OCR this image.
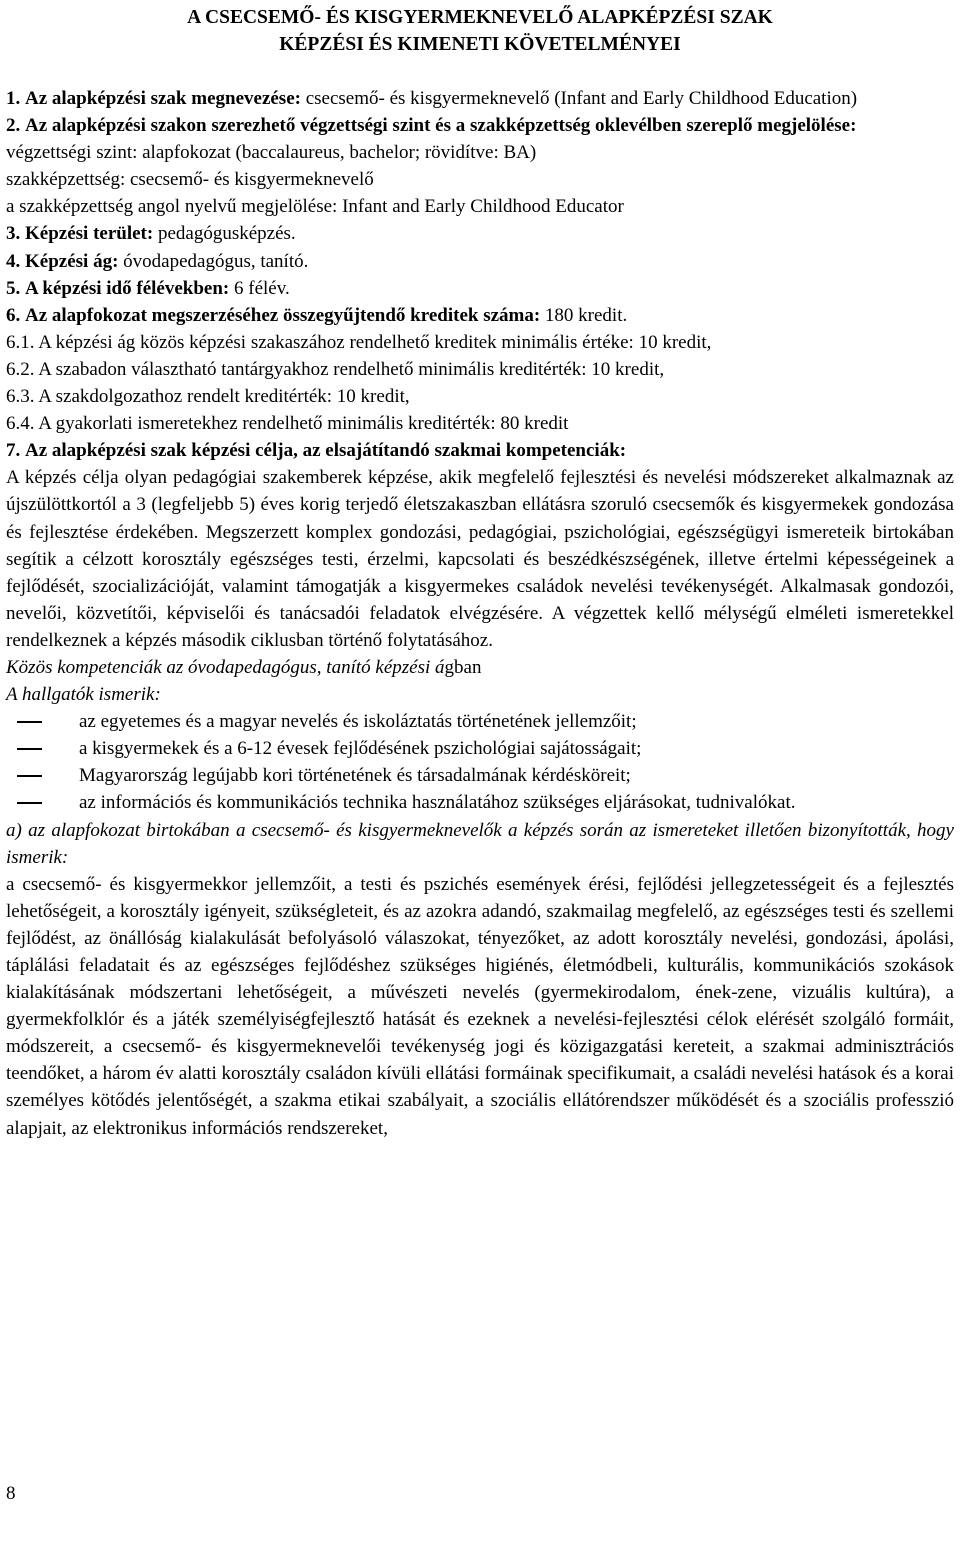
A CSECSEMŐ- ÉS KISGYERMEKNEVELŐ ALAPKÉPZÉSI SZAK
KÉPZÉSI ÉS KIMENETI KÖVETELMÉNYEI

1. Az alapképzési szak megnevezése: csecsemő- és kisgyermeknevelő (Infant and Early Childhood Education)

2. Az alapképzési szakon szerezhető végzettségi szint és a szakképzettség oklevélben szereplő megjelölése:

végzettségi szint: alapfokozat (baccalaureus, bachelor; rövidítve: BA)

szakképzettség: csecsemő- és kisgyermeknevelő

a szakképzettség angol nyelvű megjelölése: Infant and Early Childhood Educator

3. Képzési terület: pedagógusképzés.

4. Képzési ág: óvodapedagógus, tanító.

5. A képzési idő félévekben: 6 félév.

6. Az alapfokozat megszerzéséhez összegyűjtendő kreditek száma: 180 kredit.

6.1. A képzési ág közös képzési szakaszához rendelhető kreditek minimális értéke: 10 kredit,

6.2. A szabadon választható tantárgyakhoz rendelhető minimális kreditérték: 10 kredit,

6.3. A szakdolgozathoz rendelt kreditérték: 10 kredit,

6.4. A gyakorlati ismeretekhez rendelhető minimális kreditérték: 80 kredit

7. Az alapképzési szak képzési célja, az elsajátítandó szakmai kompetenciák:

A képzés célja olyan pedagógiai szakemberek képzése, akik megfelelő fejlesztési és nevelési módszereket alkalmaznak az újszülöttkortól a 3 (legfeljebb 5) éves korig terjedő életszakaszban ellátásra szoruló csecsemők és kisgyermekek gondozása és fejlesztése érdekében. Megszerzett komplex gondozási, pedagógiai, pszichológiai, egészségügyi ismereteik birtokában segítik a célzott korosztály egészséges testi, érzelmi, kapcsolati és beszédkészségének, illetve értelmi képességeinek a fejlődését, szocializációját, valamint támogatják a kisgyermekes családok nevelési tevékenységét. Alkalmasak gondozói, nevelői, közvetítői, képviselői és tanácsadói feladatok elvégzésére. A végzettek kellő mélységű elméleti ismeretekkel rendelkeznek a képzés második ciklusban történő folytatásához.

Közös kompetenciák az óvodapedagógus, tanító képzési ágban

A hallgatók ismerik:

az egyetemes és a magyar nevelés és iskoláztatás történetének jellemzőit;
a kisgyermekek és a 6-12 évesek fejlődésének pszichológiai sajátosságait;
Magyarország legújabb kori történetének és társadalmának kérdésköreit;
az információs és kommunikációs technika használatához szükséges eljárásokat, tudnivalókat.

a) az alapfokozat birtokában a csecsemő- és kisgyermeknevelők a képzés során az ismereteket illetően bizonyították, hogy ismerik:

a csecsemő- és kisgyermekkor jellemzőit, a testi és pszichés események érési, fejlődési jellegzetességeit és a fejlesztés lehetőségeit, a korosztály igényeit, szükségleteit, és az azokra adandó, szakmailag megfelelő, az egészséges testi és szellemi fejlődést, az önállóság kialakulását befolyásoló válaszokat, tényezőket, az adott korosztály nevelési, gondozási, ápolási, táplálási feladatait és az egészséges fejlődéshez szükséges higiénés, életmódbeli, kulturális, kommunikációs szokások kialakításának módszertani lehetőségeit, a művészeti nevelés (gyermekirodalom, ének-zene, vizuális kultúra), a gyermekfolklór és a játék személyiségfejlesztő hatását és ezeknek a nevelési-fejlesztési célok elérését szolgáló formáit, módszereit, a csecsemő- és kisgyermeknevelői tevékenység jogi és közigazgatási kereteit, a szakmai adminisztrációs teendőket, a három év alatti korosztály családon kívüli ellátási formáinak specifikumait, a családi nevelési hatások és a korai személyes kötődés jelentőségét, a szakma etikai szabályait, a szociális ellátórendszer működését és a szociális professzió alapjait, az elektronikus információs rendszereket,

8
